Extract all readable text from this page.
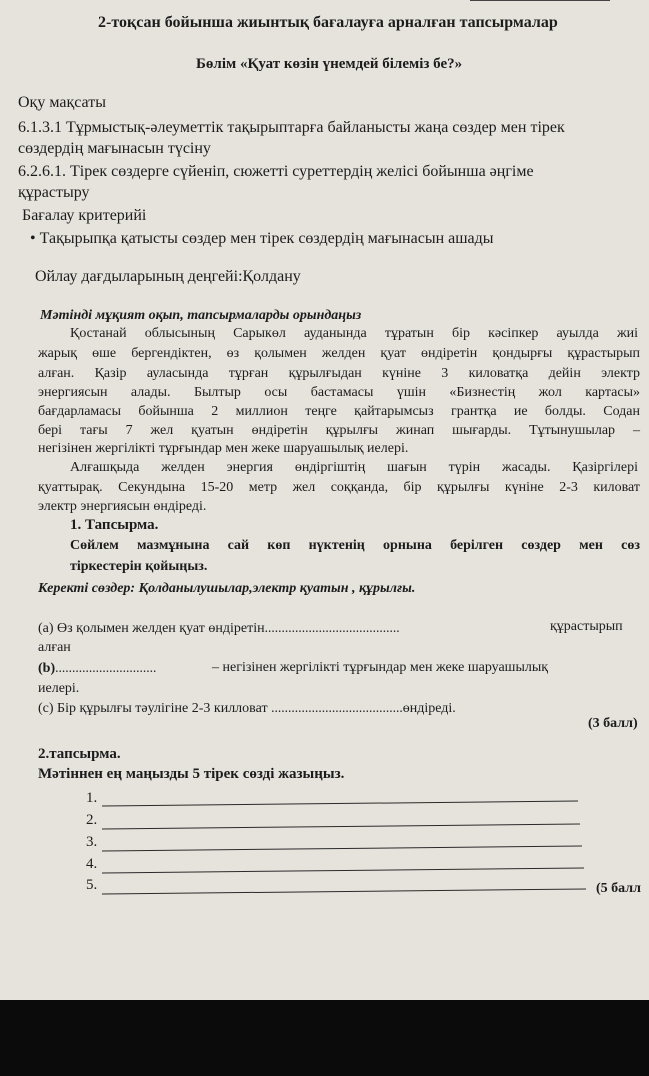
2-тоқсан бойынша жиынтық бағалауға арналған тапсырмалар
Бөлім «Қуат көзін үнемдей білеміз бе?»
Оқу мақсаты
6.1.3.1 Тұрмыстық-әлеуметтік тақырыптарға байланысты жаңа сөздер мен тірек
сөздердің мағынасын түсіну
6.2.6.1. Тірек сөздерге сүйеніп, сюжетті суреттердің желісі бойынша әңгіме
құрастыру
Бағалау критерийі
• Тақырыпқа қатысты сөздер мен тірек сөздердің мағынасын ашады
Ойлау дағдыларының деңгейі:Қолдану
Мәтінді мұқият оқып, тапсырмаларды орындаңыз
Қостанай облысының Сарыкөл ауданында тұратын бір кәсіпкер ауылда жиі
жарық өше бергендіктен, өз қолымен желден қуат өндіретін қондырғы құрастырып
алған. Қазір ауласында тұрған құрылғыдан күніне 3 киловатқа дейін электр
энергиясын алады. Былтыр осы бастамасы үшін «Бизнестің жол картасы»
бағдарламасы бойынша 2 миллион теңге қайтарымсыз грантқа ие болды. Содан
бері тағы 7 жел қуатын өндіретін құрылғы жинап шығарды. Тұтынушылар –
негізінен жергілікті тұрғындар мен жеке шаруашылық иелері.
Алғашқыда желден энергия өндіргіштің шағын түрін жасады. Қазіргілері
қуаттырақ. Секундына 15-20 метр жел соққанда, бір құрылғы күніне 2-3 киловат
электр энергиясын өндіреді.
1. Тапсырма.
Сөйлем мазмұнына сай көп нүктенің орнына берілген сөздер мен сөз
тіркестерін қойыңыз.
Керекті сөздер: Қолданылушылар,электр қуатын , құрылғы.
(a) Өз қолымен желден қуат өндіретін........................................	құрастырып
алған
(b)..............................	– негізінен жергілікті тұрғындар мен жеке шаруашылық
иелері.
(c) Бір құрылғы тәулігіне 2-3 килловат .......................................өндіреді.
(3 балл)
2.тапсырма.
Мәтіннен ең маңызды 5 тірек сөзді жазыңыз.
1.
2.
3.
4.
5.	(5 балл
